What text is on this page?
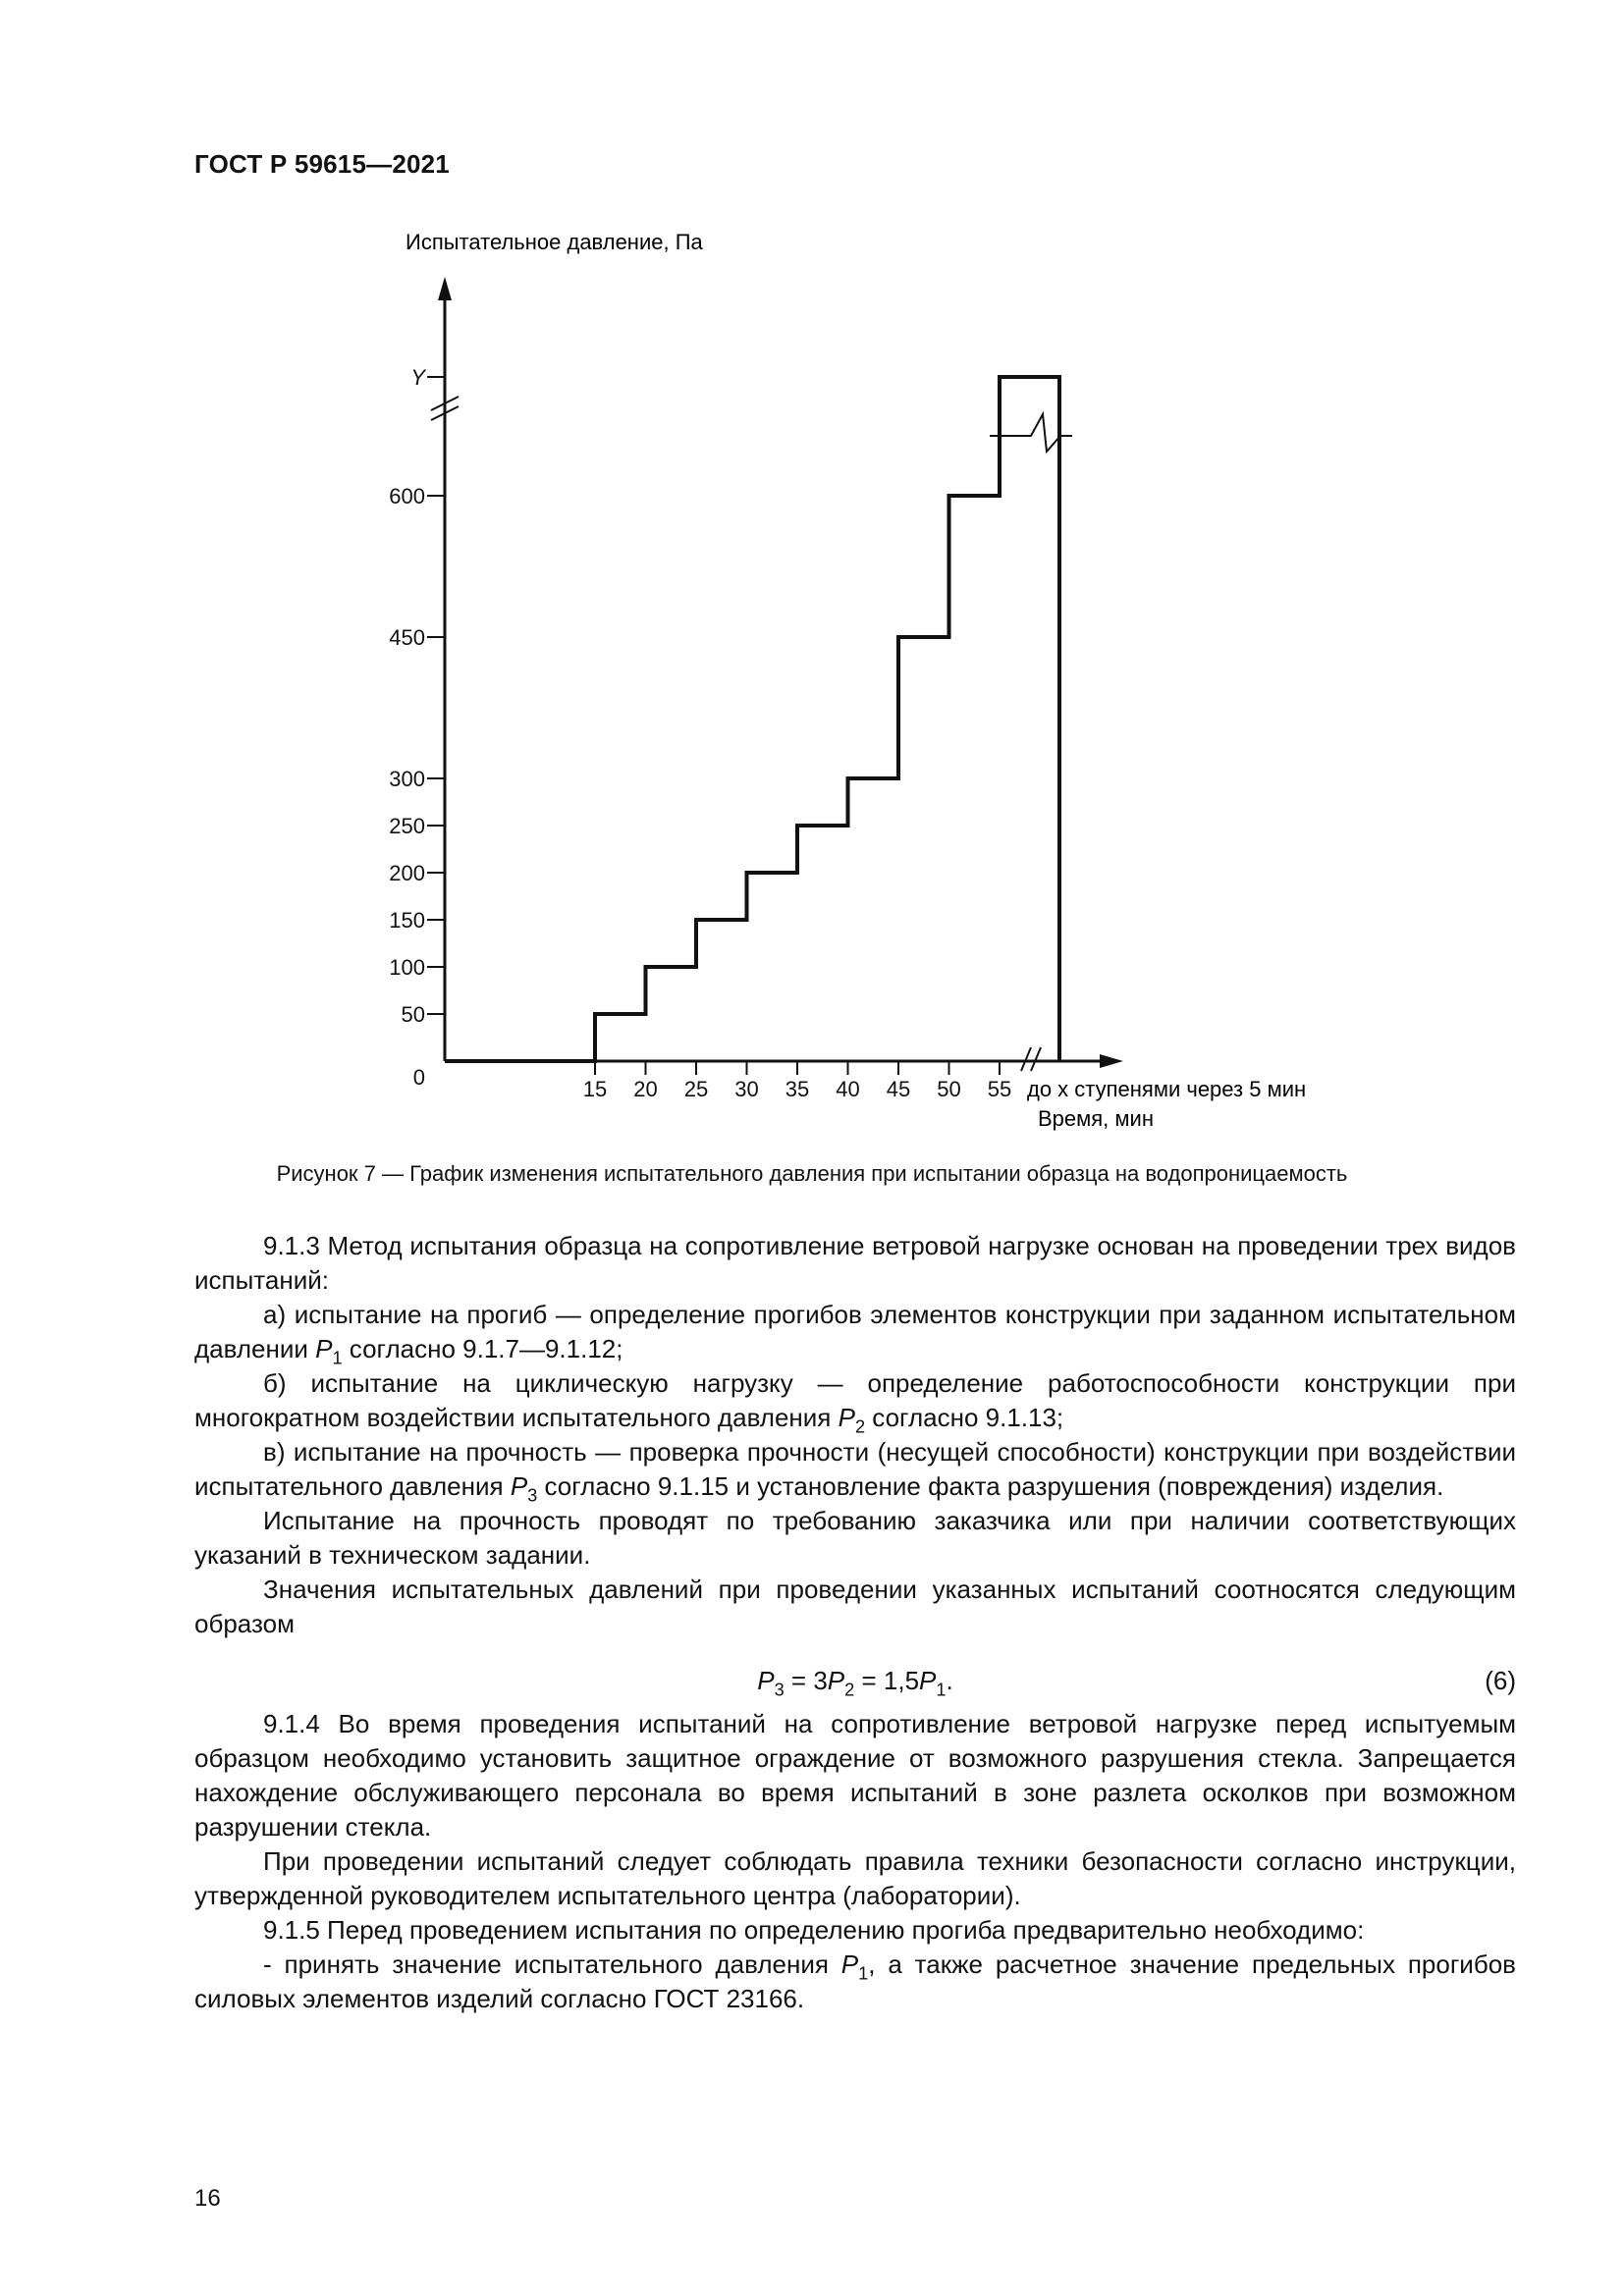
ГОСТ Р 59615—2021
0
50
100
150
200
250
300
450
600
Y
15 20 25 30 35 40 45 50 55
Испытательное давление, Па
до x ступенями через 5 мин
Время, мин
Рисунок 7 — График изменения испытательного давления при испытании образца на водопроницаемость

9.1.3 Метод испытания образца на сопротивление ветровой нагрузке основан на проведении трех видов испытаний:

а) испытание на прогиб — определение прогибов элементов конструкции при заданном испытательном давлении $P_1$ согласно 9.1.7—9.1.12;

б) испытание на циклическую нагрузку — определение работоспособности конструкции при многократном воздействии испытательного давления $P_2$ согласно 9.1.13;

в) испытание на прочность — проверка прочности (несущей способности) конструкции при воздействии испытательного давления $P_3$ согласно 9.1.15 и установление факта разрушения (повреждения) изделия.

Испытание на прочность проводят по требованию заказчика или при наличии соответствующих указаний в техническом задании.

Значения испытательных давлений при проведении указанных испытаний соотносятся следующим образом

$P_3 = 3P_2 = 1,5P_1$.	(6)

9.1.4 Во время проведения испытаний на сопротивление ветровой нагрузке перед испытуемым образцом необходимо установить защитное ограждение от возможного разрушения стекла. Запрещается нахождение обслуживающего персонала во время испытаний в зоне разлета осколков при возможном разрушении стекла.

При проведении испытаний следует соблюдать правила техники безопасности согласно инструкции, утвержденной руководителем испытательного центра (лаборатории).

9.1.5 Перед проведением испытания по определению прогиба предварительно необходимо:

- принять значение испытательного давления $P_1$, а также расчетное значение предельных прогибов силовых элементов изделий согласно ГОСТ 23166.

16
